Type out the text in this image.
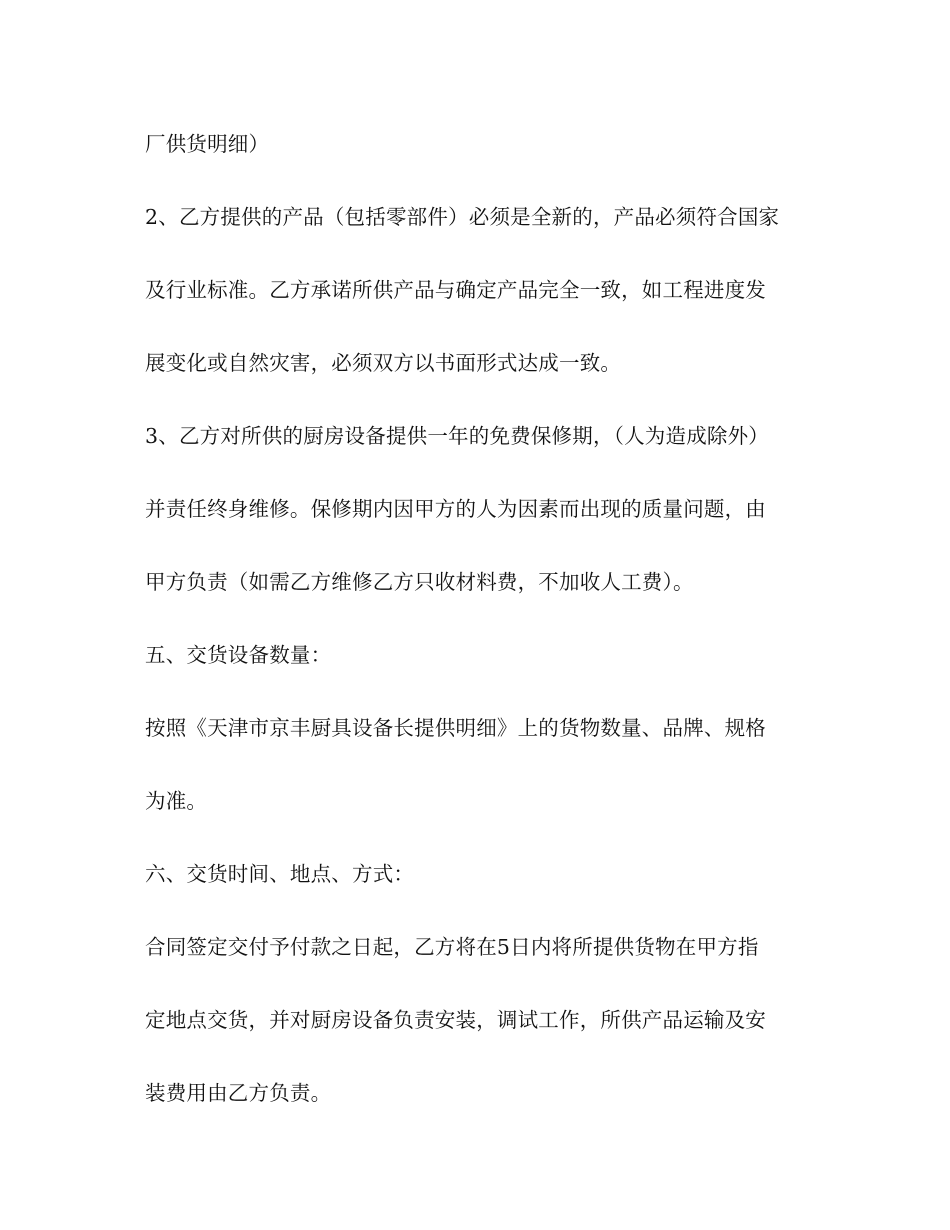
厂供货明细）
2、乙方提供的产品（包括零部件）必须是全新的，产品必须符合国家
及行业标准。乙方承诺所供产品与确定产品完全一致，如工程进度发
展变化或自然灾害，必须双方以书面形式达成一致。
3、乙方对所供的厨房设备提供一年的免费保修期，（人为造成除外）
并责任终身维修。保修期内因甲方的人为因素而出现的质量问题，由
甲方负责（如需乙方维修乙方只收材料费，不加收人工费）。
五、交货设备数量：
按照《天津市京丰厨具设备长提供明细》上的货物数量、品牌、规格
为准。
六、交货时间、地点、方式：
合同签定交付予付款之日起，乙方将在5日内将所提供货物在甲方指
定地点交货，并对厨房设备负责安装，调试工作，所供产品运输及安
装费用由乙方负责。
